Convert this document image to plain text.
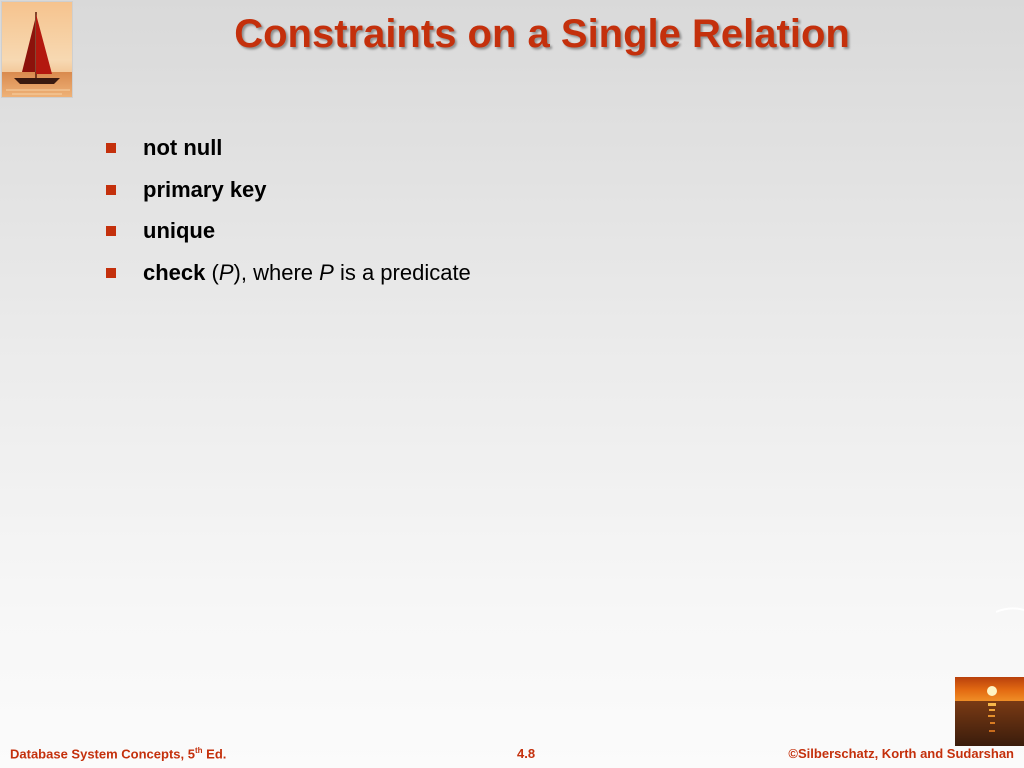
Constraints on a Single Relation
not null
primary key
unique
check (P), where P is a predicate
Database System Concepts, 5th Ed.	4.8	©Silberschatz, Korth and Sudarshan
